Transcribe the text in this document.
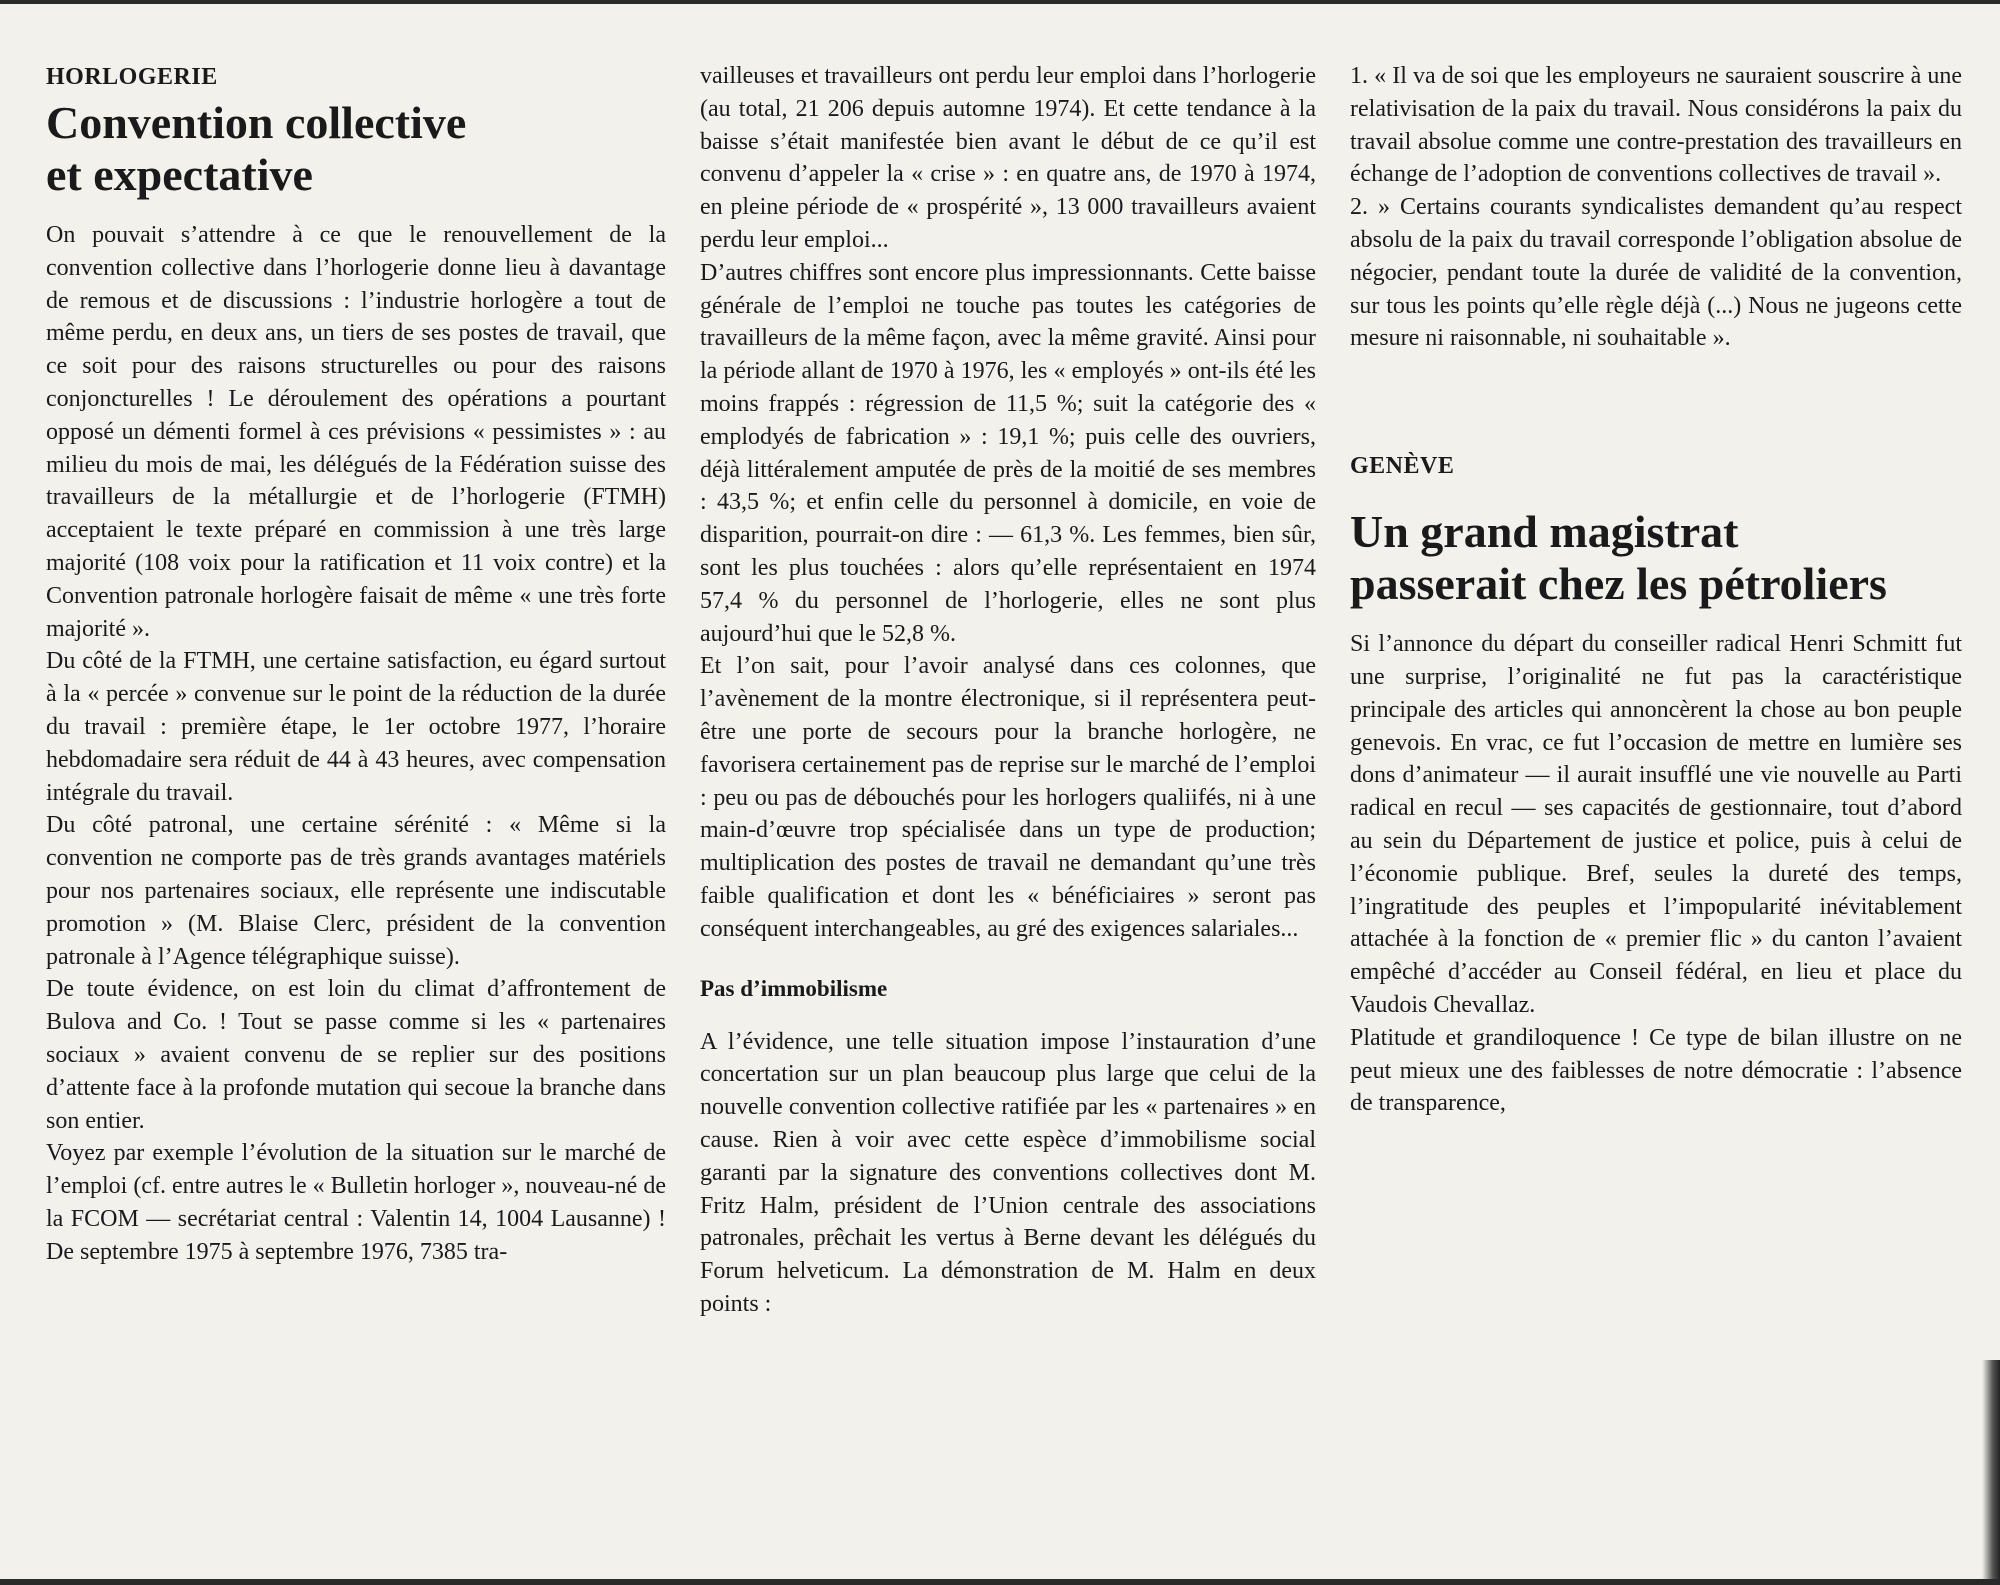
HORLOGERIE
Convention collective
et expectative

On pouvait s’attendre à ce que le renouvellement de la convention collective dans l’horlogerie donne lieu à davantage de remous et de discussions : l’industrie horlogère a tout de même perdu, en deux ans, un tiers de ses postes de travail, que ce soit pour des raisons structurelles ou pour des raisons conjoncturelles ! Le déroulement des opérations a pourtant opposé un démenti formel à ces prévisions « pessimistes » : au milieu du mois de mai, les délégués de la Fédération suisse des travailleurs de la métallurgie et de l’horlogerie (FTMH) acceptaient le texte préparé en commission à une très large majorité (108 voix pour la ratification et 11 voix contre) et la Convention patronale horlogère faisait de même « une très forte majorité ».

Du côté de la FTMH, une certaine satisfaction, eu égard surtout à la « percée » convenue sur le point de la réduction de la durée du travail : première étape, le 1er octobre 1977, l’horaire hebdomadaire sera réduit de 44 à 43 heures, avec compensation intégrale du travail.

Du côté patronal, une certaine sérénité : « Même si la convention ne comporte pas de très grands avantages matériels pour nos partenaires sociaux, elle représente une indiscutable promotion » (M. Blaise Clerc, président de la convention patronale à l’Agence télégraphique suisse).

De toute évidence, on est loin du climat d’affrontement de Bulova and Co. ! Tout se passe comme si les « partenaires sociaux » avaient convenu de se replier sur des positions d’attente face à la profonde mutation qui secoue la branche dans son entier.

Voyez par exemple l’évolution de la situation sur le marché de l’emploi (cf. entre autres le « Bulletin horloger », nouveau-né de la FCOM — secrétariat central : Valentin 14, 1004 Lausanne) ! De septembre 1975 à septembre 1976, 7385 tra-

vailleuses et travailleurs ont perdu leur emploi dans l’horlogerie (au total, 21 206 depuis automne 1974). Et cette tendance à la baisse s’était manifestée bien avant le début de ce qu’il est convenu d’appeler la « crise » : en quatre ans, de 1970 à 1974, en pleine période de « prospérité », 13 000 travailleurs avaient perdu leur emploi...

D’autres chiffres sont encore plus impressionnants. Cette baisse générale de l’emploi ne touche pas toutes les catégories de travailleurs de la même façon, avec la même gravité. Ainsi pour la période allant de 1970 à 1976, les « employés » ont-ils été les moins frappés : régression de 11,5 %; suit la catégorie des « emplodyés de fabrication » : 19,1 %; puis celle des ouvriers, déjà littéralement amputée de près de la moitié de ses membres : 43,5 %; et enfin celle du personnel à domicile, en voie de disparition, pourrait-on dire : — 61,3 %. Les femmes, bien sûr, sont les plus touchées : alors qu’elle représentaient en 1974 57,4 % du personnel de l’horlogerie, elles ne sont plus aujourd’hui que le 52,8 %.

Et l’on sait, pour l’avoir analysé dans ces colonnes, que l’avènement de la montre électronique, si il représentera peut-être une porte de secours pour la branche horlogère, ne favorisera certainement pas de reprise sur le marché de l’emploi : peu ou pas de débouchés pour les horlogers qualiifés, ni à une main-d’œuvre trop spécialisée dans un type de production; multiplication des postes de travail ne demandant qu’une très faible qualification et dont les « bénéficiaires » seront pas conséquent interchangeables, au gré des exigences salariales...

Pas d’immobilisme

A l’évidence, une telle situation impose l’instauration d’une concertation sur un plan beaucoup plus large que celui de la nouvelle convention collective ratifiée par les « partenaires » en cause. Rien à voir avec cette espèce d’immobilisme social garanti par la signature des conventions collectives dont M. Fritz Halm, président de l’Union centrale des associations patronales, prêchait les vertus à Berne devant les délégués du Forum helveticum. La démonstration de M. Halm en deux points :

1. « Il va de soi que les employeurs ne sauraient souscrire à une relativisation de la paix du travail. Nous considérons la paix du travail absolue comme une contre-prestation des travailleurs en échange de l’adoption de conventions collectives de travail ».

2. » Certains courants syndicalistes demandent qu’au respect absolu de la paix du travail corresponde l’obligation absolue de négocier, pendant toute la durée de validité de la convention, sur tous les points qu’elle règle déjà (...) Nous ne jugeons cette mesure ni raisonnable, ni souhaitable ».

GENÈVE
Un grand magistrat
passerait chez les pétroliers

Si l’annonce du départ du conseiller radical Henri Schmitt fut une surprise, l’originalité ne fut pas la caractéristique principale des articles qui annoncèrent la chose au bon peuple genevois. En vrac, ce fut l’occasion de mettre en lumière ses dons d’animateur — il aurait insufflé une vie nouvelle au Parti radical en recul — ses capacités de gestionnaire, tout d’abord au sein du Département de justice et police, puis à celui de l’économie publique. Bref, seules la dureté des temps, l’ingratitude des peuples et l’impopularité inévitablement attachée à la fonction de « premier flic » du canton l’avaient empêché d’accéder au Conseil fédéral, en lieu et place du Vaudois Chevallaz.

Platitude et grandiloquence ! Ce type de bilan illustre on ne peut mieux une des faiblesses de notre démocratie : l’absence de transparence,
